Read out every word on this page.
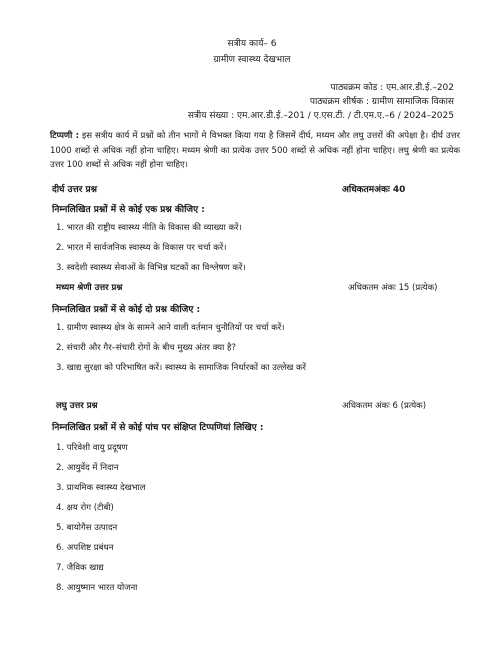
सत्रीय कार्य– 6
ग्रामीण स्वास्थ्य देखभाल
पाठ्यक्रम कोड : एम.आर.डी.ई.–202
पाठ्यक्रम शीर्षक : ग्रामीण सामाजिक विकास
सत्रीय संख्या : एम.आर.डी.ई.–201 / ए.एस.टी. / टी.एम.ए.–6 / 2024–2025
टिप्पणी : इस सत्रीय कार्य में प्रश्नों को तीन भागों मे विभक्त किया गया है जिसमें दीर्घ, मध्यम और लघु उत्तरों की अपेक्षा है। दीर्घ उत्तर 1000 शब्दों से अधिक नहीं होना चाहिए। मध्यम श्रेणी का प्रत्येक उत्तर 500 शब्दों से अधिक नहीं होना चाहिए। लघु श्रेणी का प्रत्येक उत्तर 100 शब्दों से अधिक नहीं होना चाहिए।
दीर्घ उत्तर प्रश्न	अधिकतमअंकः 40
निम्नलिखित प्रश्नों में से कोई एक प्रश्न कीजिए :
1. भारत की राष्ट्रीय स्वास्थ्य नीति के विकास की व्याख्या करें।
2. भारत में सार्वजनिक स्वास्थ्य के विकास पर चर्चा करें।
3. स्वदेशी स्वास्थ्य सेवाओं के विभिन्न घटकों का विश्लेषण करें।
मध्यम श्रेणी उत्तर प्रश्न	अधिकतम अंकः 15 (प्रत्येक)
निम्नलिखित प्रश्नों में से कोई दो प्रश्न कीजिए :
1. ग्रामीण स्वास्थ्य क्षेत्र के सामने आने वाली वर्तमान चुनौतियों पर चर्चा करें।
2. संचारी और गैर–संचारी रोगों के बीच मुख्य अंतर क्या है?
3. खाद्य सुरक्षा को परिभाषित करें। स्वास्थ्य के सामाजिक निर्धारकों का उल्लेख करें
लघु उत्तर प्रश्न	अधिकतम अंकः 6 (प्रत्येक)
निम्नलिखित प्रश्नों में से कोई पांच पर संक्षिप्त टिप्पणियां लिखिए :
1. परिवेशी वायु प्रदूषण
2. आयुर्वेद में निदान
3. प्राथमिक स्वास्थ्य देखभाल
4. क्षय रोग (टीबी)
5. बायोगैस उत्पादन
6. अपशिष्ट प्रबंधन
7. जैविक खाद्य
8. आयुष्मान भारत योजना
